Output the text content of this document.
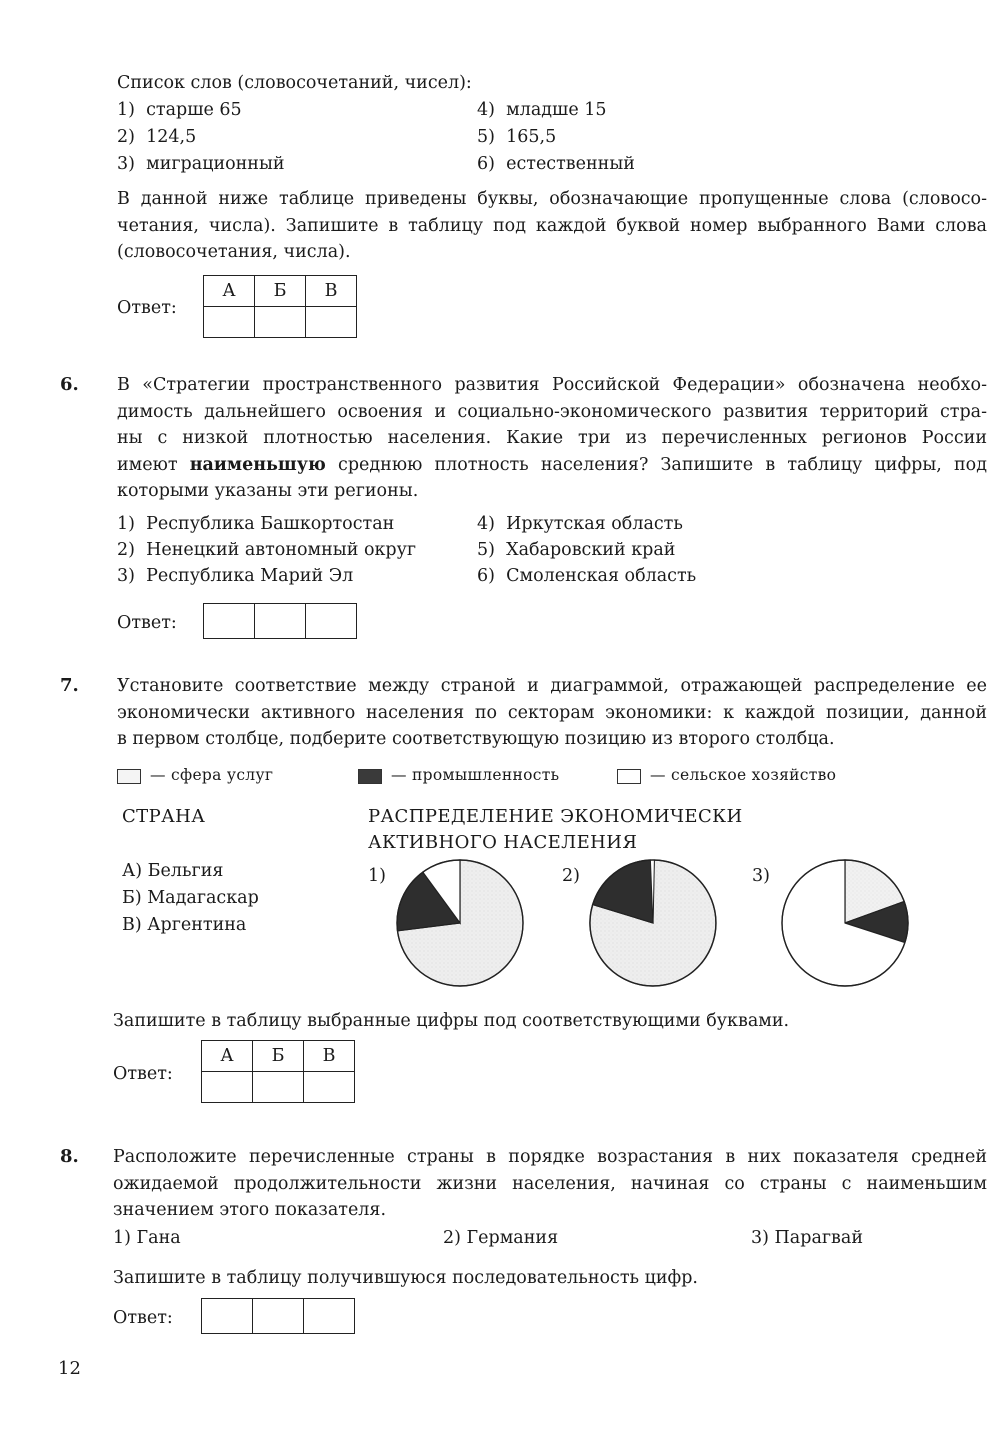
Список слов (словосочетаний, чисел):
1) старше 65
2) 124,5
3) миграционный
4) младше 15
5) 165,5
6) естественный
В данной ниже таблице приведены буквы, обозначающие пропущенные слова (словосо-
четания, числа). Запишите в таблицу под каждой буквой номер выбранного Вами слова
(словосочетания, числа).
Ответ:
А	Б	В

6. В «Стратегии пространственного развития Российской Федерации» обозначена необхо-
димость дальнейшего освоения и социально-экономического развития территорий стра-
ны с низкой плотностью населения. Какие три из перечисленных регионов России
имеют наименьшую среднюю плотность населения? Запишите в таблицу цифры, под
которыми указаны эти регионы.
1) Республика Башкортостан
2) Ненецкий автономный округ
3) Республика Марий Эл
4) Иркутская область
5) Хабаровский край
6) Смоленская область
Ответ:

7. Установите соответствие между страной и диаграммой, отражающей распределение ее
экономически активного населения по секторам экономики: к каждой позиции, данной
в первом столбце, подберите соответствующую позицию из второго столбца.
— сфера услуг	— промышленность	— сельское хозяйство
СТРАНА	РАСПРЕДЕЛЕНИЕ ЭКОНОМИЧЕСКИ
АКТИВНОГО НАСЕЛЕНИЯ
А) Бельгия
Б) Мадагаскар
В) Аргентина
1)	2)	3)
Запишите в таблицу выбранные цифры под соответствующими буквами.
Ответ:
А	Б	В

8. Расположите перечисленные страны в порядке возрастания в них показателя средней
ожидаемой продолжительности жизни населения, начиная со страны с наименьшим
значением этого показателя.
1) Гана	2) Германия	3) Парагвай
Запишите в таблицу получившуюся последовательность цифр.
Ответ:

12
